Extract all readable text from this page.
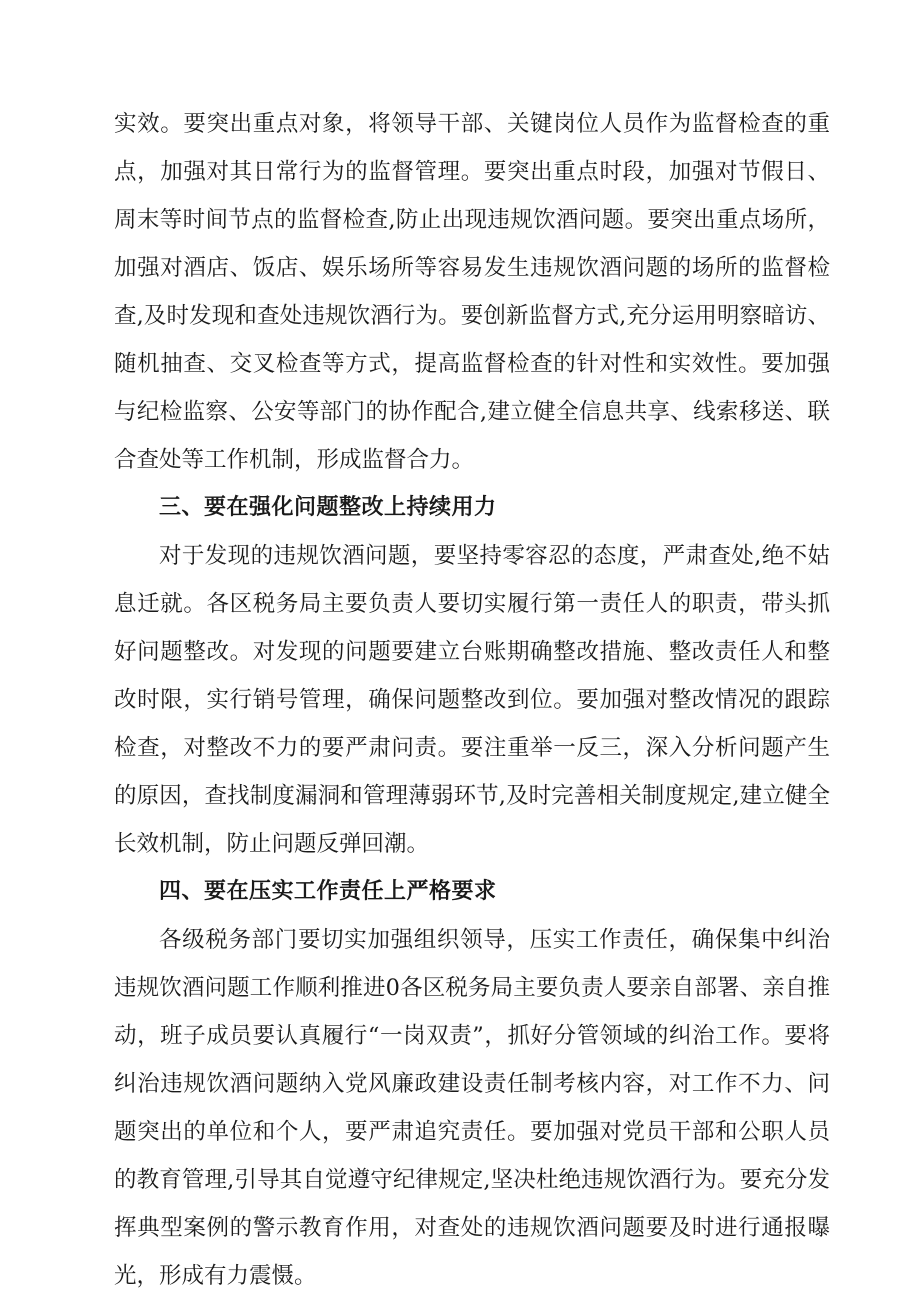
实效。要突出重点对象，将领导干部、关键岗位人员作为监督检查的重点，加强对其日常行为的监督管理。要突出重点时段，加强对节假日、周末等时间节点的监督检查,防止出现违规饮酒问题。要突出重点场所，加强对酒店、饭店、娱乐场所等容易发生违规饮酒问题的场所的监督检查,及时发现和查处违规饮酒行为。要创新监督方式,充分运用明察暗访、随机抽查、交叉检查等方式，提高监督检查的针对性和实效性。要加强与纪检监察、公安等部门的协作配合,建立健全信息共享、线索移送、联合查处等工作机制，形成监督合力。

三、要在强化问题整改上持续用力

对于发现的违规饮酒问题，要坚持零容忍的态度，严肃查处,绝不姑息迁就。各区税务局主要负责人要切实履行第一责任人的职责，带头抓好问题整改。对发现的问题要建立台账期确整改措施、整改责任人和整改时限，实行销号管理，确保问题整改到位。要加强对整改情况的跟踪检查，对整改不力的要严肃问责。要注重举一反三，深入分析问题产生的原因，查找制度漏洞和管理薄弱环节,及时完善相关制度规定,建立健全长效机制，防止问题反弹回潮。

四、要在压实工作责任上严格要求

各级税务部门要切实加强组织领导，压实工作责任，确保集中纠治违规饮酒问题工作顺利推进0各区税务局主要负责人要亲自部署、亲自推动，班子成员要认真履行“一岗双责”，抓好分管领域的纠治工作。要将纠治违规饮酒问题纳入党风廉政建设责任制考核内容，对工作不力、问题突出的单位和个人，要严肃追究责任。要加强对党员干部和公职人员的教育管理,引导其自觉遵守纪律规定,坚决杜绝违规饮酒行为。要充分发挥典型案例的警示教育作用，对查处的违规饮酒问题要及时进行通报曝光，形成有力震慑。
